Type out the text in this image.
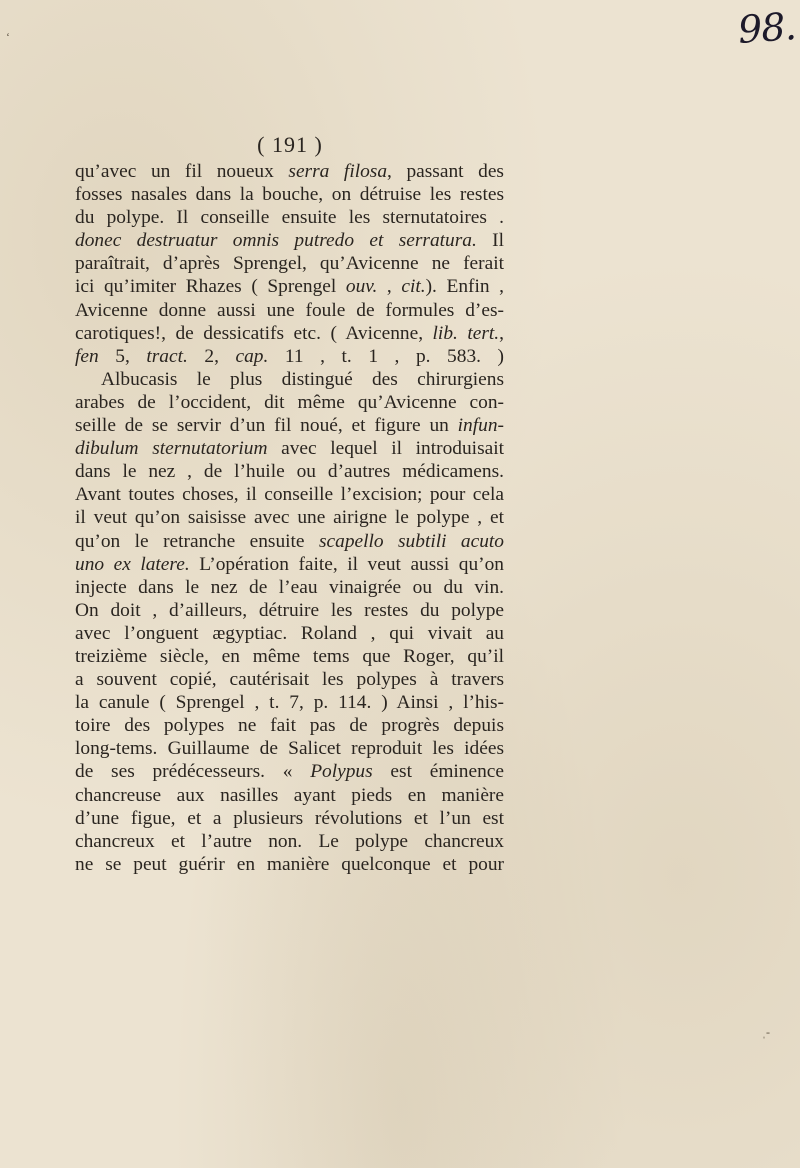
‘	98.
( 191 )
qu’avec un fil noueux serra filosa, passant des
fosses nasales dans la bouche, on détruise les restes
du polype. Il conseille ensuite les sternutatoires .
donec destruatur omnis putredo et serratura. Il
paraîtrait, d’après Sprengel, qu’Avicenne ne ferait
ici qu’imiter Rhazes ( Sprengel ouv. , cit.). Enfin ,
Avicenne donne aussi une foule de formules d’es-
carotiques!, de dessicatifs etc. ( Avicenne, lib. tert.,
fen 5, tract. 2, cap. 11 , t. 1 , p. 583. )
Albucasis le plus distingué des chirurgiens
arabes de l’occident, dit même qu’Avicenne con-
seille de se servir d’un fil noué, et figure un infun-
dibulum sternutatorium avec lequel il introduisait
dans le nez , de l’huile ou d’autres médicamens.
Avant toutes choses, il conseille l’excision; pour cela
il veut qu’on saisisse avec une airigne le polype , et
qu’on le retranche ensuite scapello subtili acuto
uno ex latere. L’opération faite, il veut aussi qu’on
injecte dans le nez de l’eau vinaigrée ou du vin.
On doit , d’ailleurs, détruire les restes du polype
avec l’onguent ægyptiac. Roland , qui vivait au
treizième siècle, en même tems que Roger, qu’il
a souvent copié, cautérisait les polypes à travers
la canule ( Sprengel , t. 7, p. 114. ) Ainsi , l’his-
toire des polypes ne fait pas de progrès depuis
long-tems. Guillaume de Salicet reproduit les idées
de ses prédécesseurs. « Polypus est éminence
chancreuse aux nasilles ayant pieds en manière
d’une figue, et a plusieurs révolutions et l’un est
chancreux et l’autre non. Le polype chancreux
ne se peut guérir en manière quelconque et pour
ˌ‐
